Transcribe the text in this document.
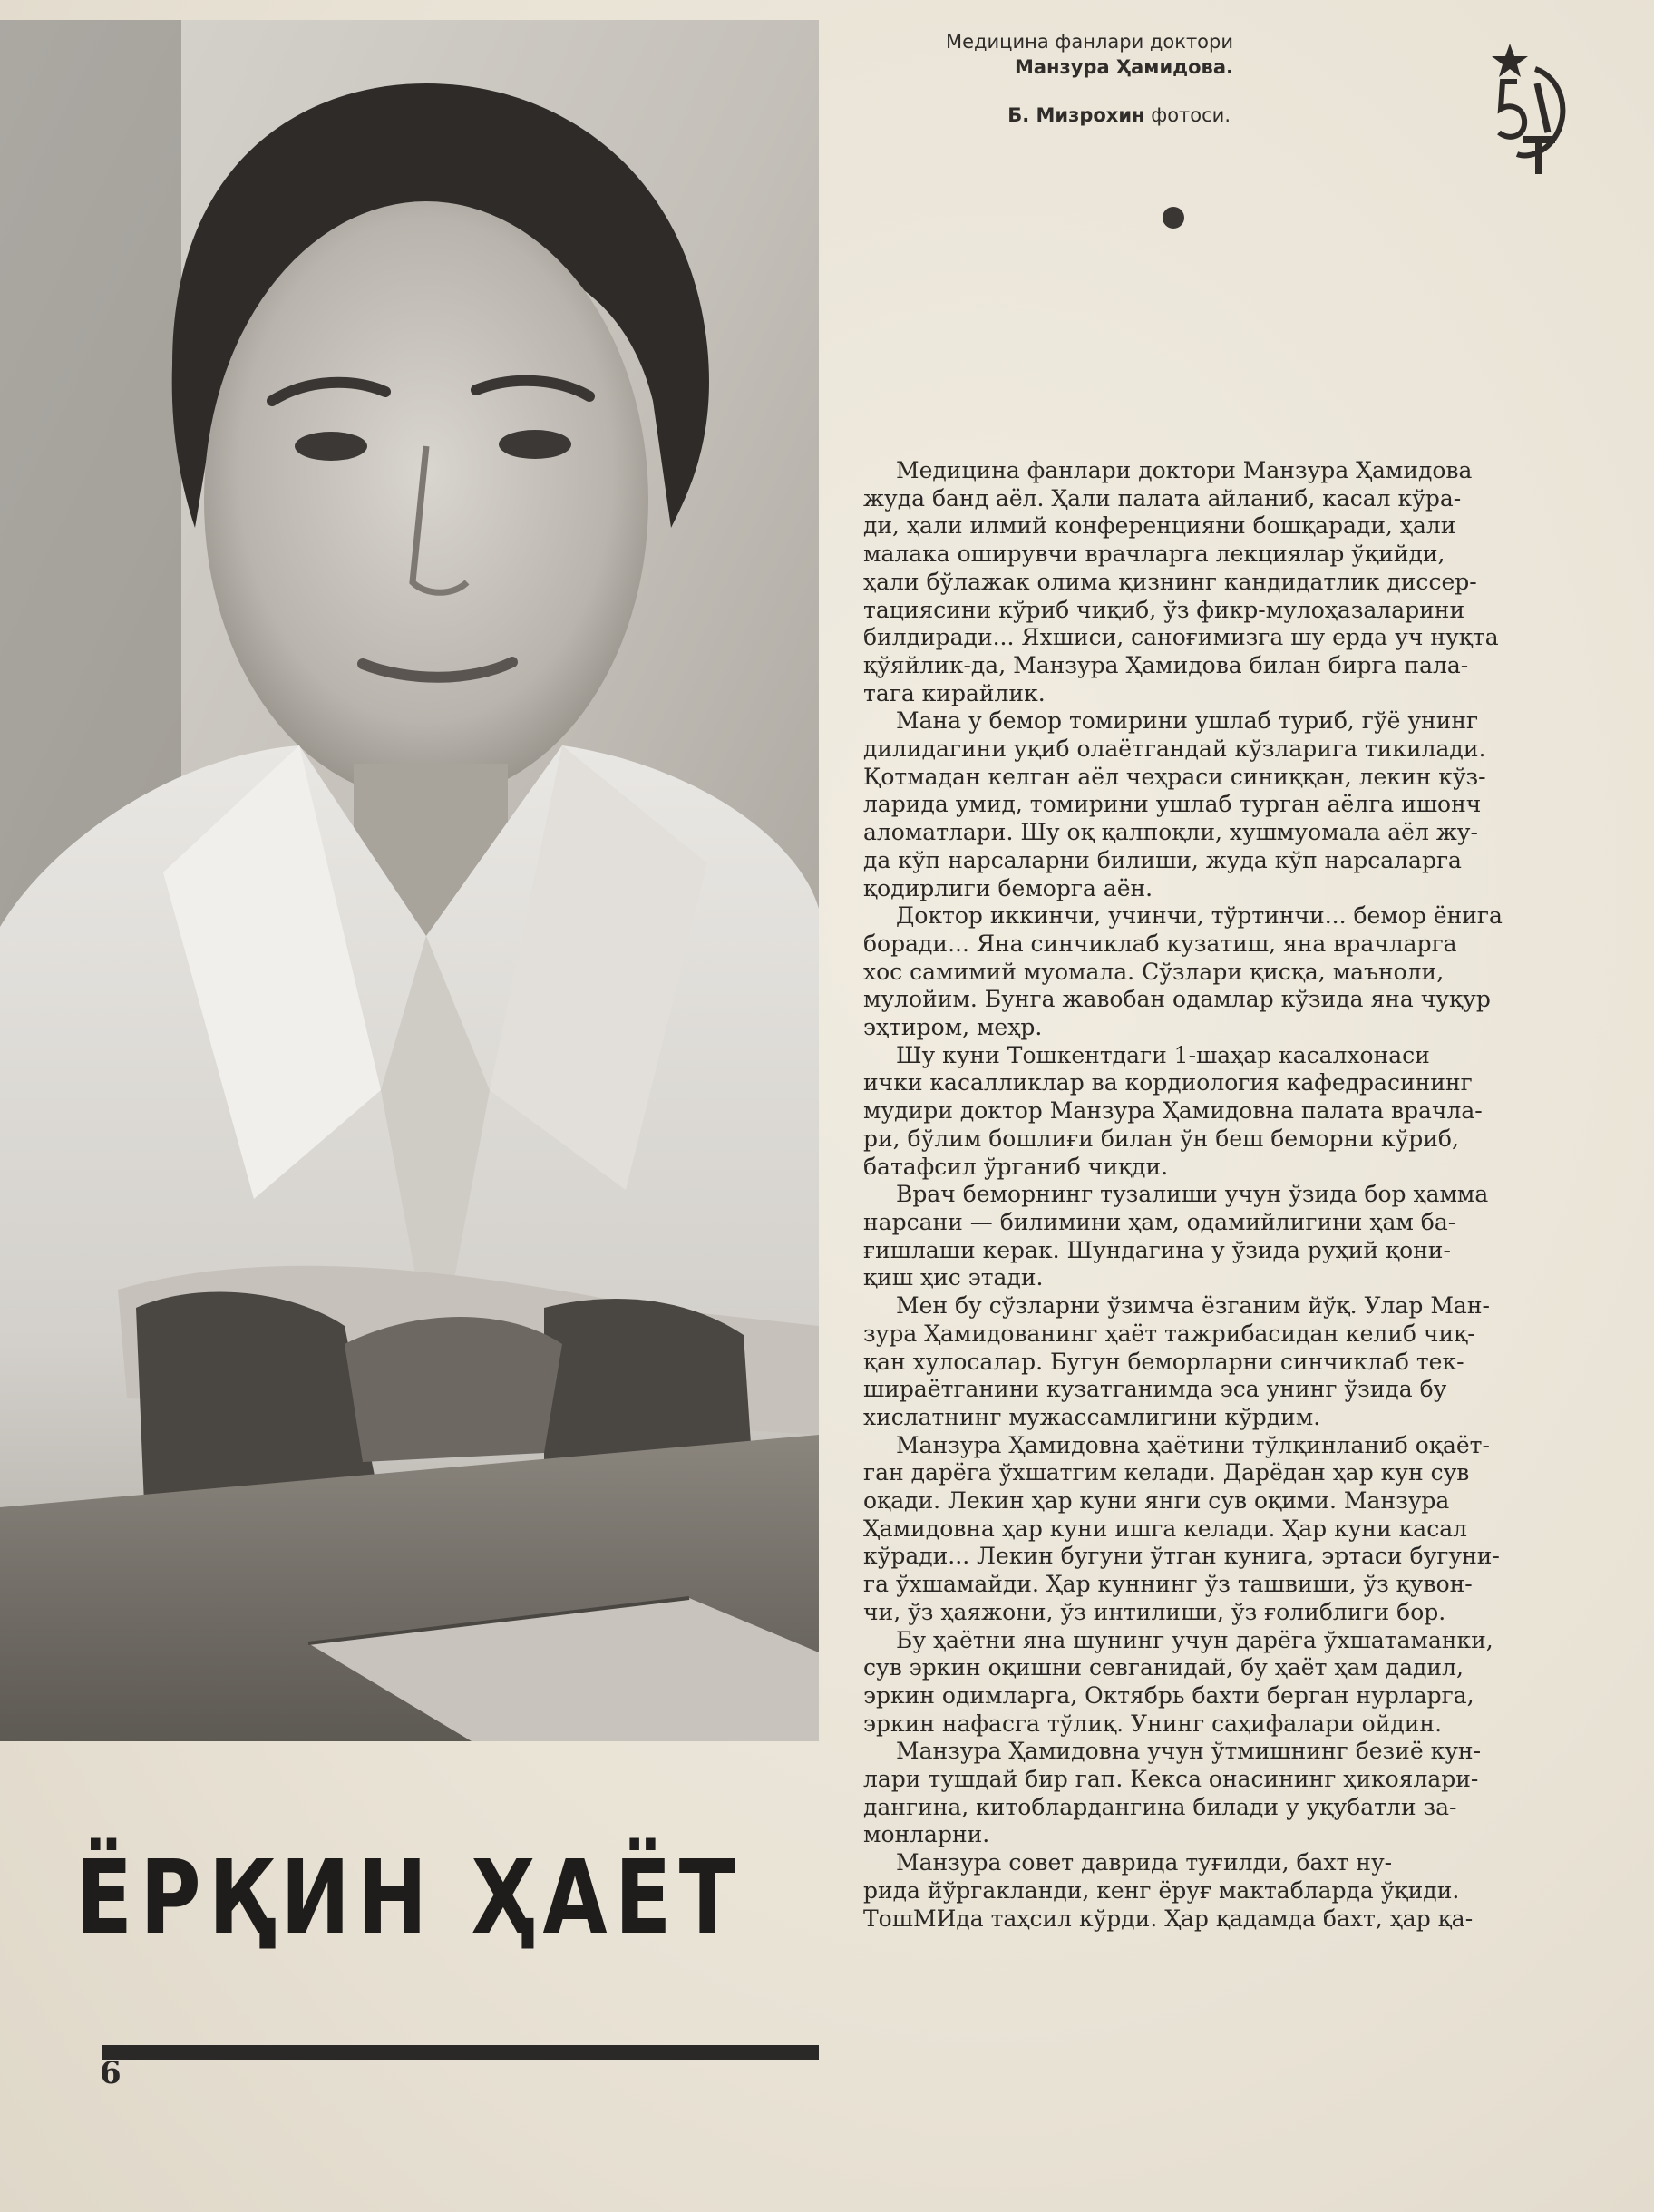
Медицина фанлари доктори
Манзура Ҳамидова.
Б. Мизрохин фотоси.
ЁРҚИН ҲАЁТ
6

Медицина фанлари доктори Манзура Ҳамидова
жуда банд аёл. Ҳали палата айланиб, касал кўра-
ди, ҳали илмий конференцияни бошқаради, ҳали
малака оширувчи врачларга лекциялар ўқийди,
ҳали бўлажак олима қизнинг кандидатлик диссер-
тациясини кўриб чиқиб, ўз фикр-мулоҳазаларини
билдиради... Яхшиси, саноғимизга шу ерда уч нуқта
қўяйлик-да, Манзура Ҳамидова билан бирга пала-
тага кирайлик.

Мана у бемор томирини ушлаб туриб, гўё унинг
дилидагини уқиб олаётгандай кўзларига тикилади.
Қотмадан келган аёл чеҳраси синиққан, лекин кўз-
ларида умид, томирини ушлаб турган аёлга ишонч
аломатлари. Шу оқ қалпоқли, хушмуомала аёл жу-
да кўп нарсаларни билиши, жуда кўп нарсаларга
қодирлиги беморга аён.

Доктор иккинчи, учинчи, тўртинчи... бемор ёнига
боради... Яна синчиклаб кузатиш, яна врачларга
хос самимий муомала. Сўзлари қисқа, маъноли,
мулойим. Бунга жавобан одамлар кўзида яна чуқур
эҳтиром, меҳр.

Шу куни Тошкентдаги 1-шаҳар касалхонаси
ички касалликлар ва кордиология кафедрасининг
мудири доктор Манзура Ҳамидовна палата врачла-
ри, бўлим бошлиғи билан ўн беш беморни кўриб,
батафсил ўрганиб чиқди.

Врач беморнинг тузалиши учун ўзида бор ҳамма
нарсани — билимини ҳам, одамийлигини ҳам ба-
ғишлаши керак. Шундагина у ўзида руҳий қони-
қиш ҳис этади.

Мен бу сўзларни ўзимча ёзганим йўқ. Улар Ман-
зура Ҳамидованинг ҳаёт тажрибасидан келиб чиқ-
қан хулосалар. Бугун беморларни синчиклаб тек-
шираётганини кузатганимда эса унинг ўзида бу
хислатнинг мужассамлигини кўрдим.

Манзура Ҳамидовна ҳаётини тўлқинланиб оқаёт-
ган дарёга ўхшатгим келади. Дарёдан ҳар кун сув
оқади. Лекин ҳар куни янги сув оқими. Манзура
Ҳамидовна ҳар куни ишга келади. Ҳар куни касал
кўради... Лекин бугуни ўтган кунига, эртаси бугуни-
га ўхшамайди. Ҳар куннинг ўз ташвиши, ўз қувон-
чи, ўз ҳаяжони, ўз интилиши, ўз ғолиблиги бор.

Бу ҳаётни яна шунинг учун дарёга ўхшатаманки,
сув эркин оқишни севганидай, бу ҳаёт ҳам дадил,
эркин одимларга, Октябрь бахти берган нурларга,
эркин нафасга тўлиқ. Унинг саҳифалари ойдин.

Манзура Ҳамидовна учун ўтмишнинг безиё кун-
лари тушдай бир гап. Кекса онасининг ҳикоялари-
дангина, китоблардангина билади у уқубатли за-
монларни.

Манзура совет даврида туғилди, бахт ну-
рида йўргакланди, кенг ёруғ мактабларда ўқиди.
ТошМИда таҳсил кўрди. Ҳар қадамда бахт, ҳар қа-
